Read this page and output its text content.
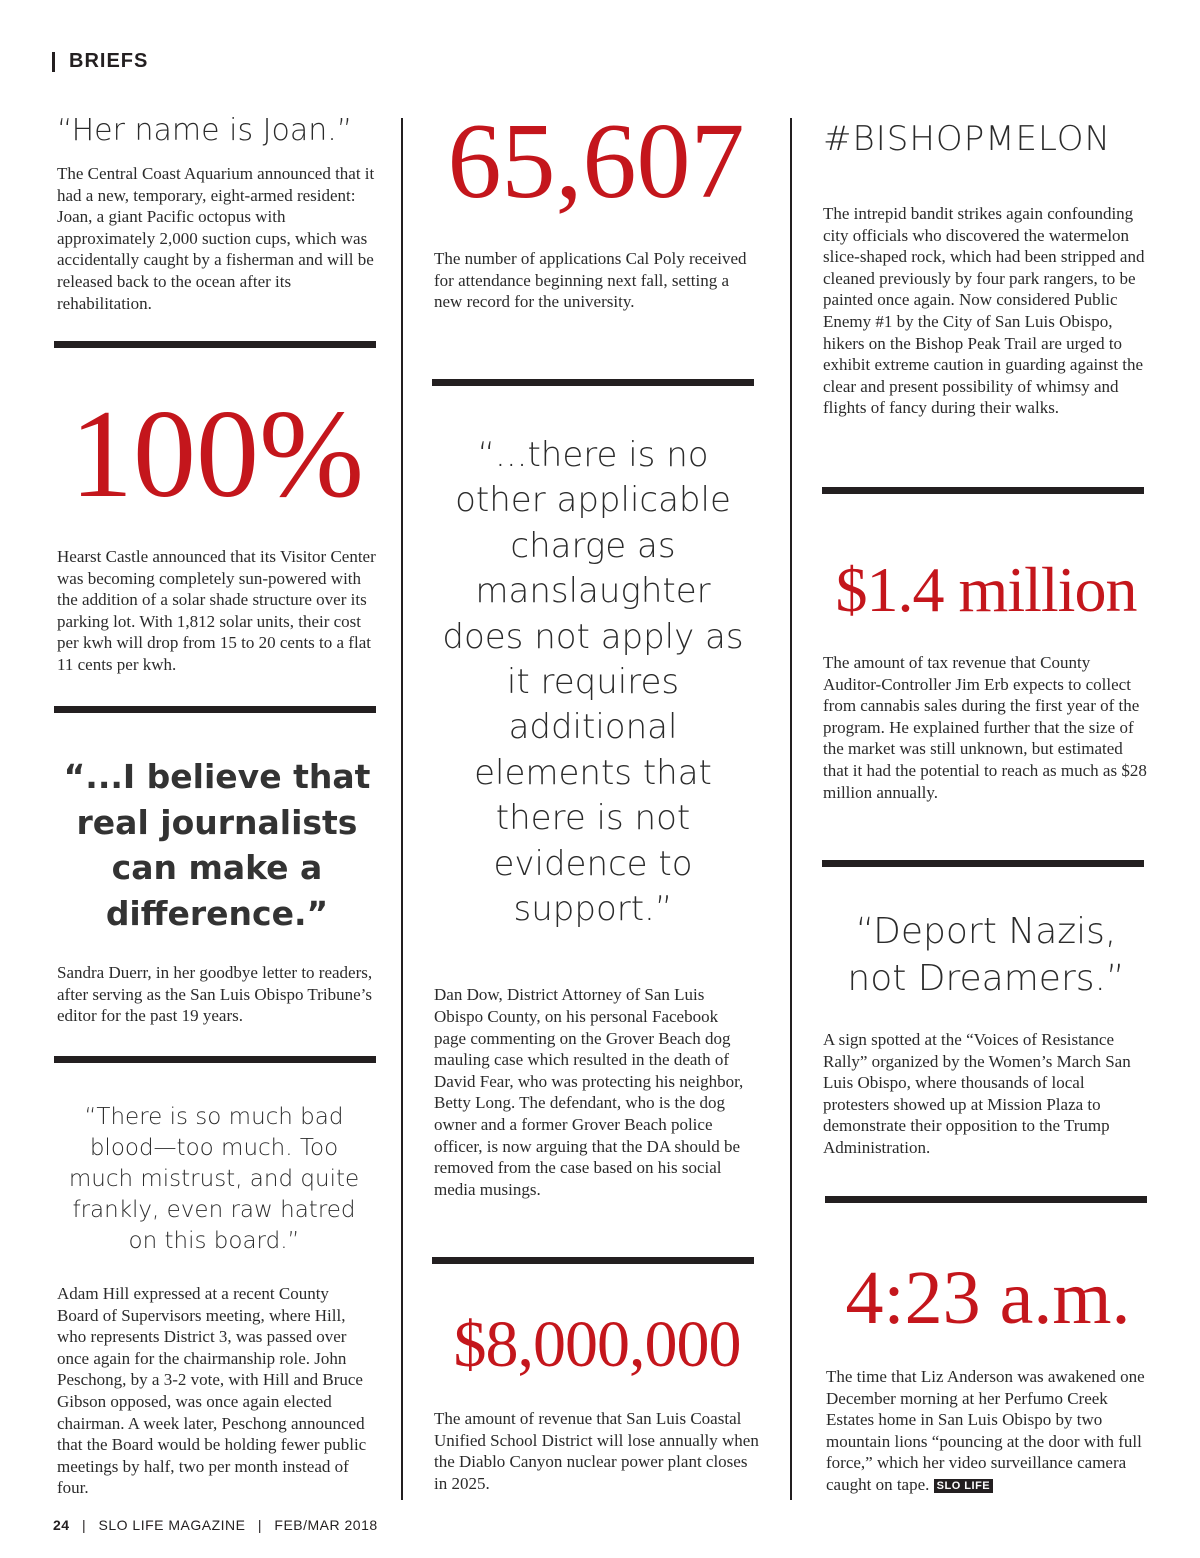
BRIEFS

“Her name is Joan.”

The Central Coast Aquarium announced that it had a new, temporary, eight-armed resident: Joan, a giant Pacific octopus with approximately 2,000 suction cups, which was accidentally caught by a fisherman and will be released back to the ocean after its rehabilitation.

100%

Hearst Castle announced that its Visitor Center was becoming completely sun-powered with the addition of a solar shade structure over its parking lot. With 1,812 solar units, their cost per kwh will drop from 15 to 20 cents to a flat 11 cents per kwh.

“...I believe that real journalists can make a difference.”

Sandra Duerr, in her goodbye letter to readers, after serving as the San Luis Obispo Tribune’s editor for the past 19 years.

“There is so much bad blood—too much. Too much mistrust, and quite frankly, even raw hatred on this board.”

Adam Hill expressed at a recent County Board of Supervisors meeting, where Hill, who represents District 3, was passed over once again for the chairmanship role. John Peschong, by a 3-2 vote, with Hill and Bruce Gibson opposed, was once again elected chairman. A week later, Peschong announced that the Board would be holding fewer public meetings by half, two per month instead of four.

65,607

The number of applications Cal Poly received for attendance beginning next fall, setting a new record for the university.

“...there is no other applicable charge as manslaughter does not apply as it requires additional elements that there is not evidence to support.”

Dan Dow, District Attorney of San Luis Obispo County, on his personal Facebook page commenting on the Grover Beach dog mauling case which resulted in the death of David Fear, who was protecting his neighbor, Betty Long. The defendant, who is the dog owner and a former Grover Beach police officer, is now arguing that the DA should be removed from the case based on his social media musings.

$8,000,000

The amount of revenue that San Luis Coastal Unified School District will lose annually when the Diablo Canyon nuclear power plant closes in 2025.

#BISHOPMELON

The intrepid bandit strikes again confounding city officials who discovered the watermelon slice-shaped rock, which had been stripped and cleaned previously by four park rangers, to be painted once again. Now considered Public Enemy #1 by the City of San Luis Obispo, hikers on the Bishop Peak Trail are urged to exhibit extreme caution in guarding against the clear and present possibility of whimsy and flights of fancy during their walks.

$1.4 million

The amount of tax revenue that County Auditor-Controller Jim Erb expects to collect from cannabis sales during the first year of the program. He explained further that the size of the market was still unknown, but estimated that it had the potential to reach as much as $28 million annually.

“Deport Nazis, not Dreamers.”

A sign spotted at the “Voices of Resistance Rally” organized by the Women’s March San Luis Obispo, where thousands of local protesters showed up at Mission Plaza to demonstrate their opposition to the Trump Administration.

4:23 a.m.

The time that Liz Anderson was awakened one December morning at her Perfumo Creek Estates home in San Luis Obispo by two mountain lions “pouncing at the door with full force,” which her video surveillance camera caught on tape. SLO LIFE

24 | SLO LIFE MAGAZINE | FEB/MAR 2018
